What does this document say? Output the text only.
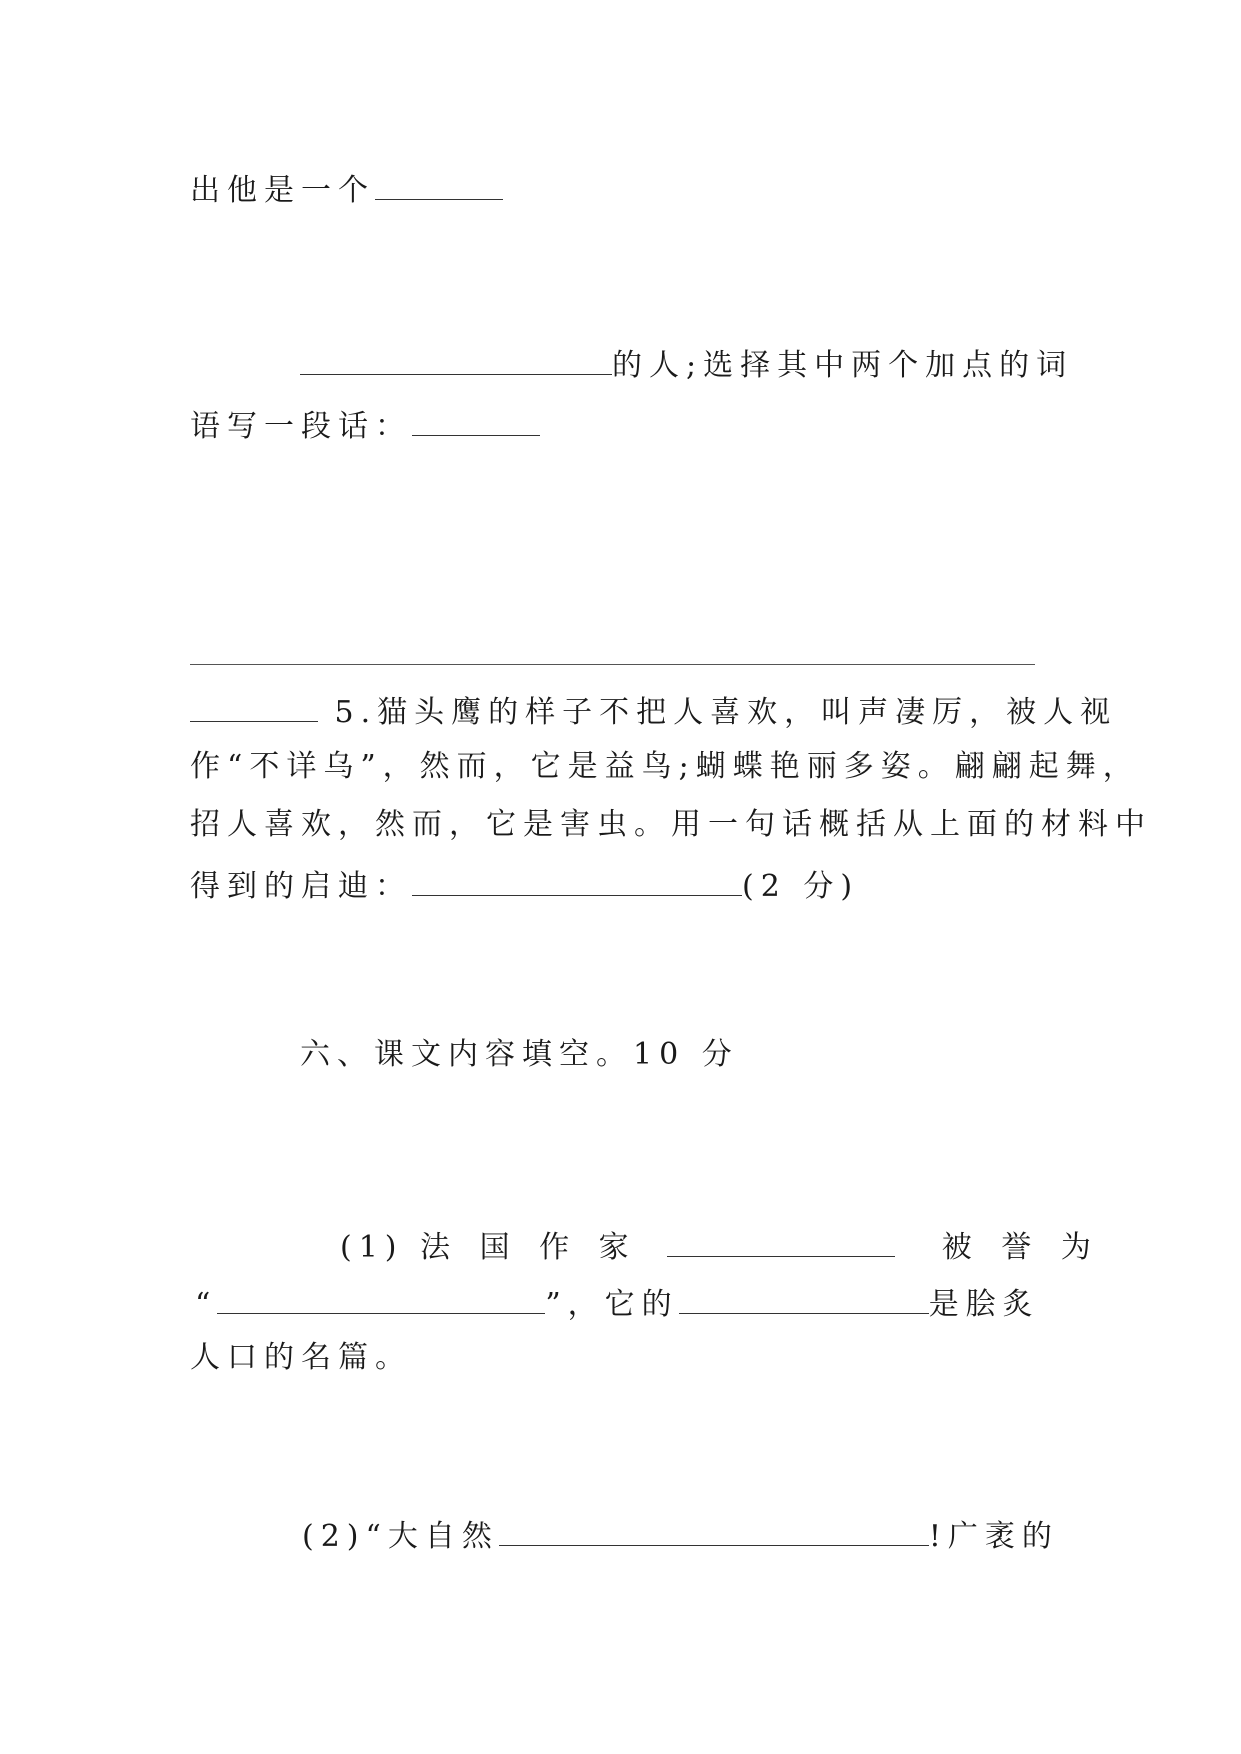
出他是一个
的人;选择其中两个加点的词
语写一段话：
5.猫头鹰的样子不把人喜欢，叫声凄厉，被人视
作“不详乌”，然而，它是益鸟;蝴蝶艳丽多姿。翩翩起舞，
招人喜欢，然而，它是害虫。用一句话概括从上面的材料中
得到的启迪：	(2 分)
六、课文内容填空。10 分
(1) 法 国 作 家	被 誉 为
“	”，它的	是脍炙
人口的名篇。
(2)“大自然	!广袤的
